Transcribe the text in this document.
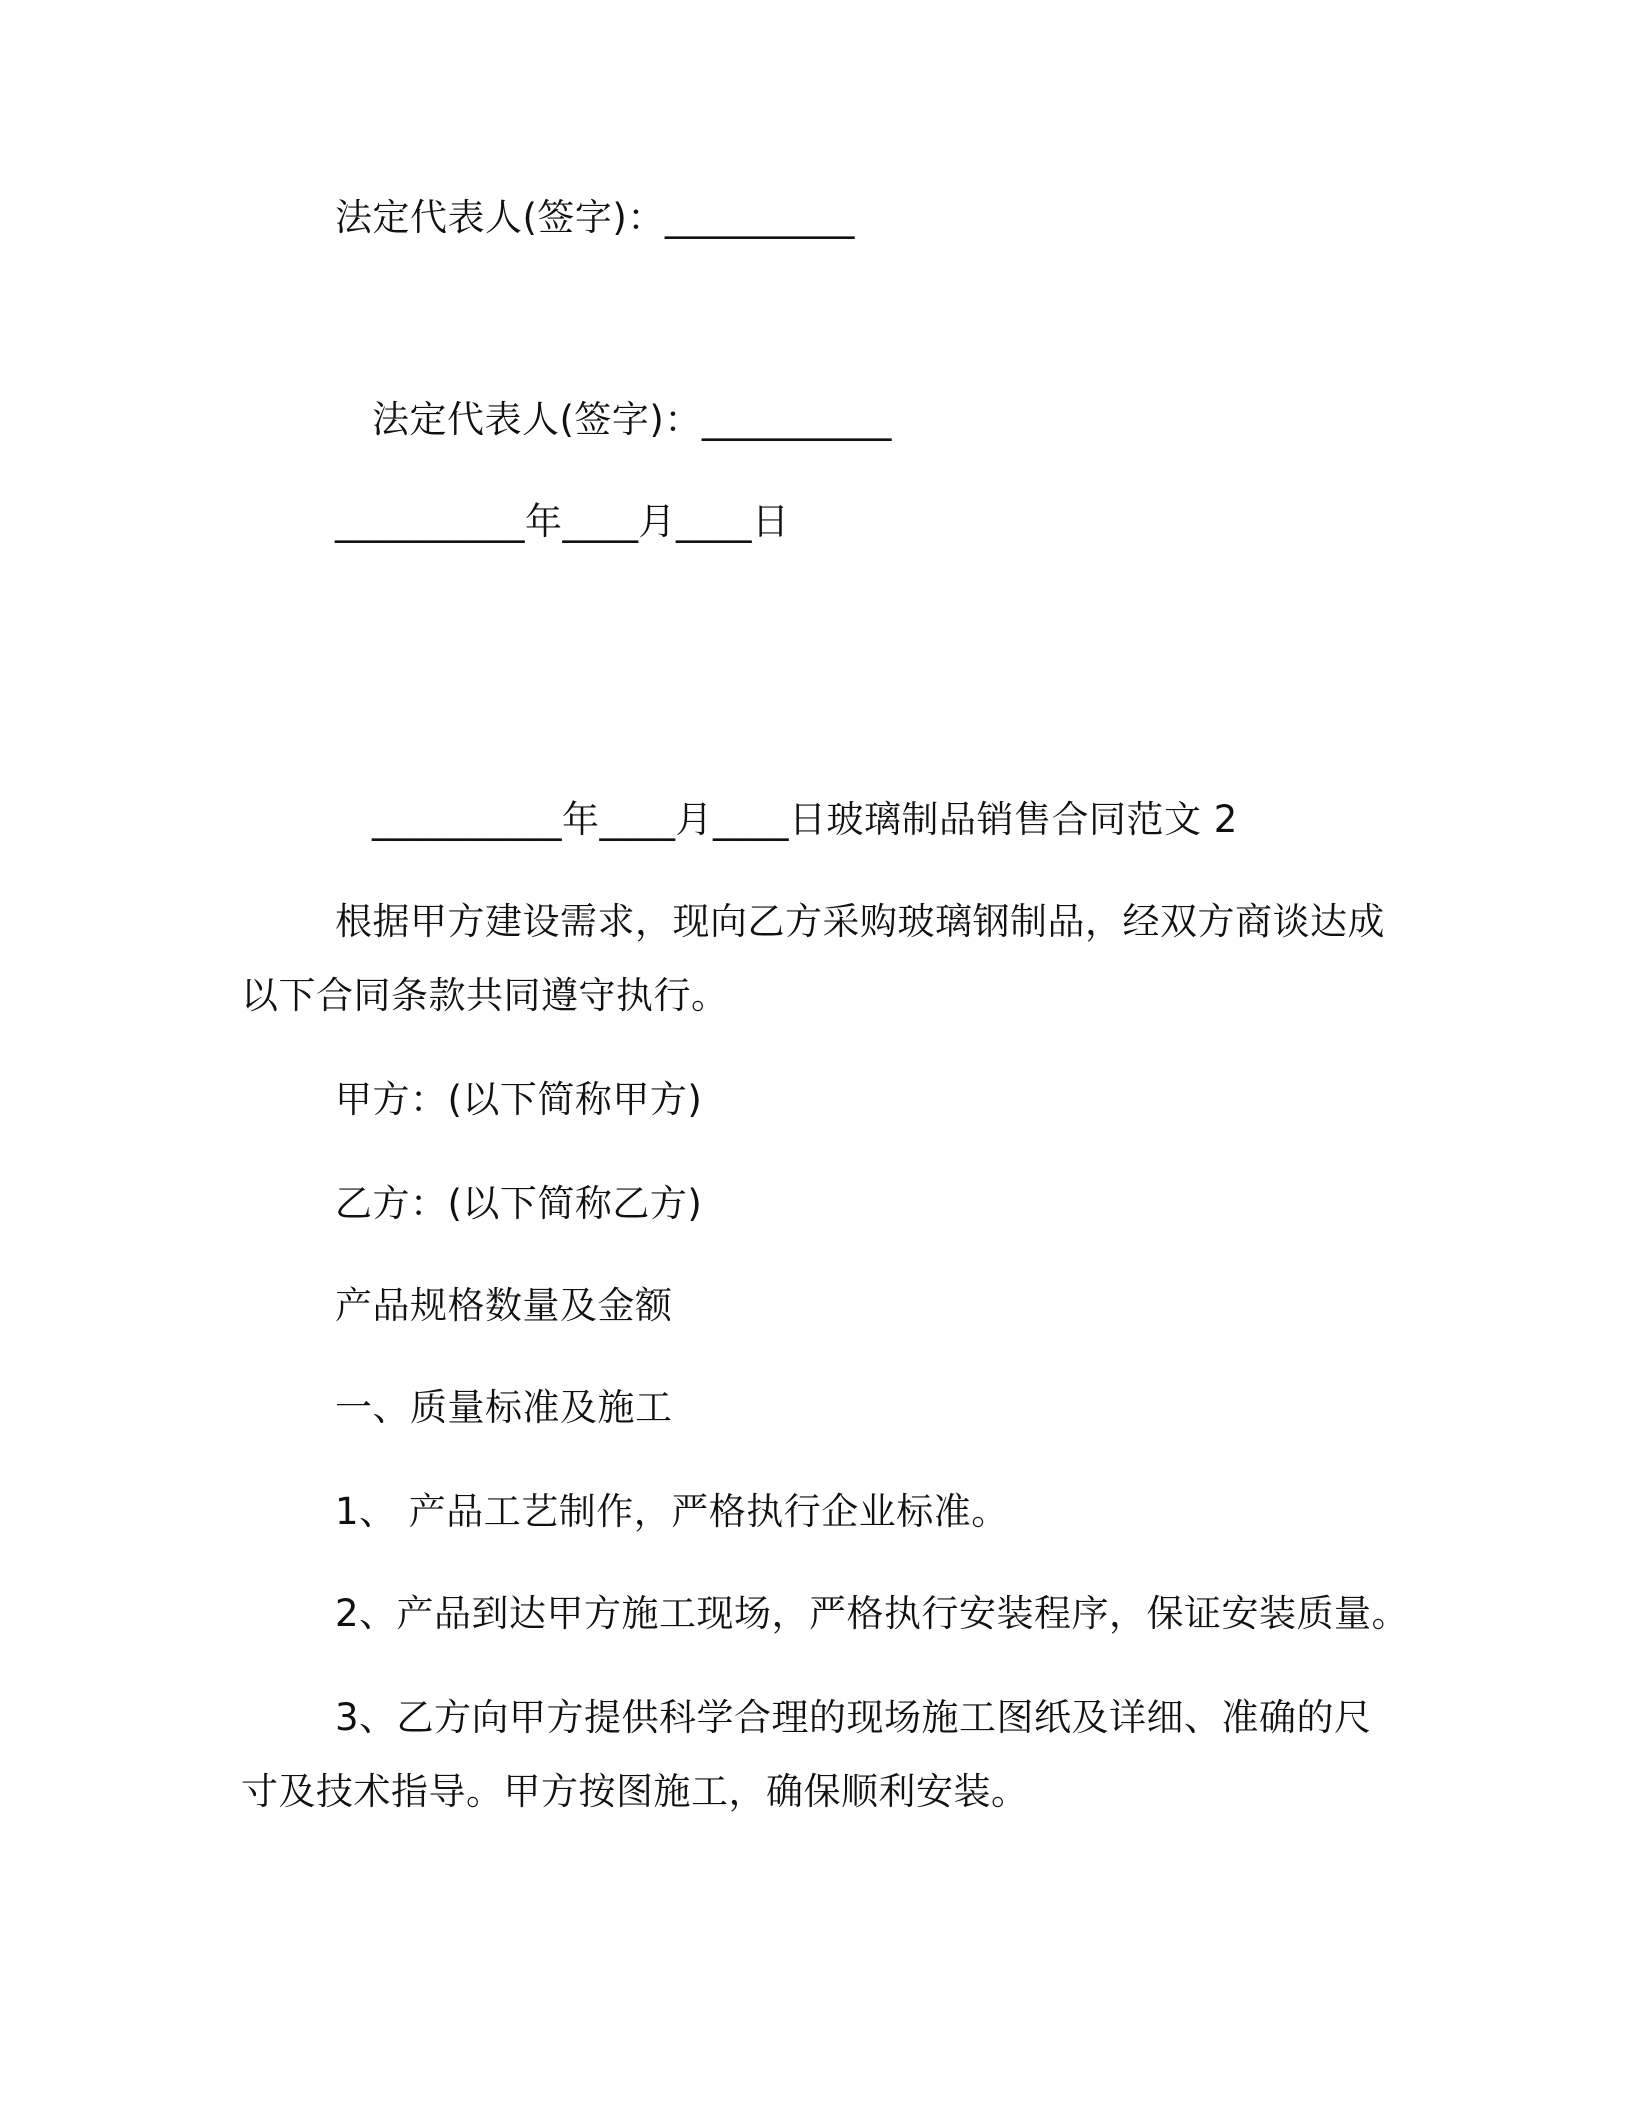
法定代表人(签字)：__________
法定代表人(签字)：__________
__________年____月____日
__________年____月____日玻璃制品销售合同范文 2
根据甲方建设需求，现向乙方采购玻璃钢制品，经双方商谈达成
以下合同条款共同遵守执行。
甲方：(以下简称甲方)
乙方：(以下简称乙方)
产品规格数量及金额
一、质量标准及施工
1、 产品工艺制作，严格执行企业标准。
2、产品到达甲方施工现场，严格执行安装程序，保证安装质量。
3、乙方向甲方提供科学合理的现场施工图纸及详细、准确的尺
寸及技术指导。甲方按图施工，确保顺利安装。
